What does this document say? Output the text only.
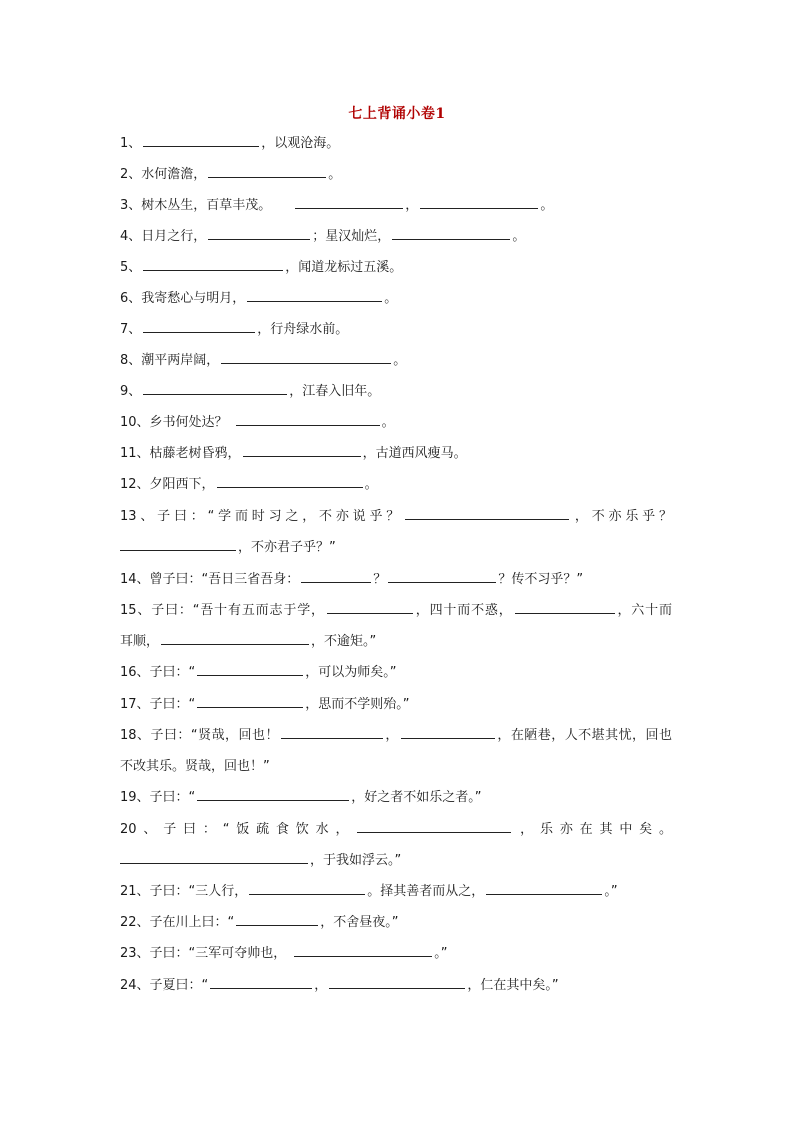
七上背诵小卷1
1、	，以观沧海。
2、水何澹澹，	。
3、树木丛生，百草丰茂。	，	。
4、日月之行，	；星汉灿烂，	。
5、	，闻道龙标过五溪。
6、我寄愁心与明月，	。
7、	，行舟绿水前。
8、潮平两岸阔，	。
9、	，江春入旧年。
10、乡书何处达？	。
11、枯藤老树昏鸦，	，古道西风瘦马。
12、夕阳西下，	。
13、子曰：“学而时习之，不亦说乎？	，不亦乐乎？
，不亦君子乎？”
14、曾子曰：“吾日三省吾身：	？	？传不习乎？”
15、子曰：“吾十有五而志于学，	，四十而不惑，	，六十而
耳顺，	，不逾矩。”
16、子曰：“	，可以为师矣。”
17、子曰：“	，思而不学则殆。”
18、子曰：“贤哉，回也！	，	，在陋巷，人不堪其忧，回也
不改其乐。贤哉，回也！”
19、子曰：“	，好之者不如乐之者。”
20、子曰：“饭疏食饮水，	，乐亦在其中矣。
，于我如浮云。”
21、子曰：“三人行，	。择其善者而从之，	。”
22、子在川上曰：“	，不舍昼夜。”
23、子曰：“三军可夺帅也，	。”
24、子夏曰：“	，	，仁在其中矣。”
